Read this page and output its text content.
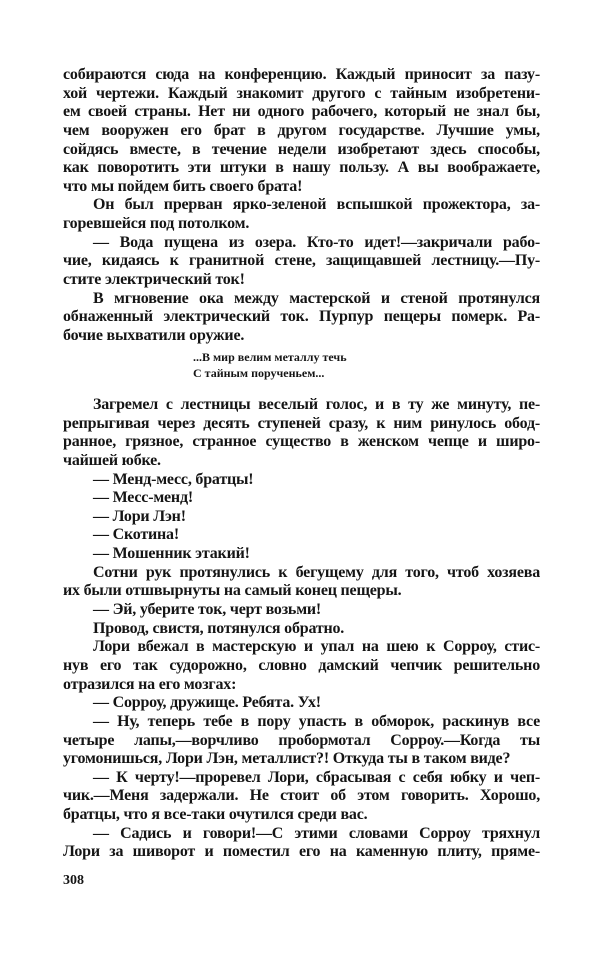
собираются сюда на конференцию. Каждый приносит за пазу-
хой чертежи. Каждый знакомит другого с тайным изобретени-
ем своей страны. Нет ни одного рабочего, который не знал бы,
чем вооружен его брат в другом государстве. Лучшие умы,
сойдясь вместе, в течение недели изобретают здесь способы,
как поворотить эти штуки в нашу пользу. А вы воображаете,
что мы пойдем бить своего брата!
Он был прерван ярко-зеленой вспышкой прожектора, за-
горевшейся под потолком.
— Вода пущена из озера. Кто-то идет!—закричали рабо-
чие, кидаясь к гранитной стене, защищавшей лестницу.—Пу-
стите электрический ток!
В мгновение ока между мастерской и стеной протянулся
обнаженный электрический ток. Пурпур пещеры померк. Ра-
бочие выхватили оружие.
...В мир велим металлу течь
С тайным порученьем...
Загремел с лестницы веселый голос, и в ту же минуту, пе-
репрыгивая через десять ступеней сразу, к ним ринулось обод-
ранное, грязное, странное существо в женском чепце и широ-
чайшей юбке.
— Менд-месс, братцы!
— Месс-менд!
— Лори Лэн!
— Скотина!
— Мошенник этакий!
Сотни рук протянулись к бегущему для того, чтоб хозяева
их были отшвырнуты на самый конец пещеры.
— Эй, уберите ток, черт возьми!
Провод, свистя, потянулся обратно.
Лори вбежал в мастерскую и упал на шею к Сорроу, стис-
нув его так судорожно, словно дамский чепчик решительно
отразился на его мозгах:
— Сорроу, дружище. Ребята. Ух!
— Ну, теперь тебе в пору упасть в обморок, раскинув все
четыре лапы,—ворчливо пробормотал Сорроу.—Когда ты
угомонишься, Лори Лэн, металлист?! Откуда ты в таком виде?
— К черту!—проревел Лори, сбрасывая с себя юбку и чеп-
чик.—Меня задержали. Не стоит об этом говорить. Хорошо,
братцы, что я все-таки очутился среди вас.
— Садись и говори!—С этими словами Сорроу тряхнул
Лори за шиворот и поместил его на каменную плиту, пряме-
308
